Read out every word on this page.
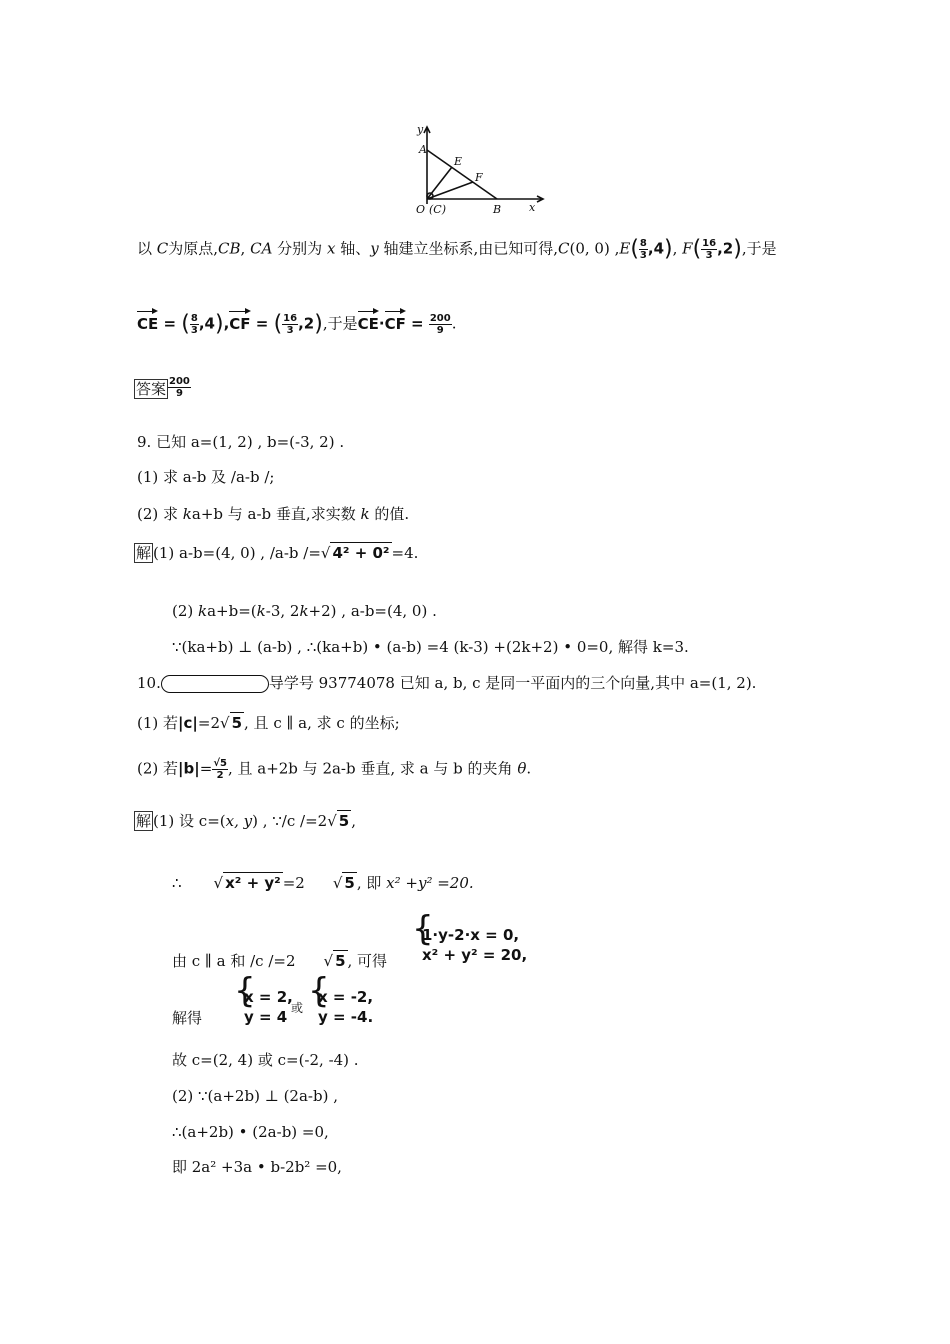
y
A
E
F
O (C)	B	x
以 C为原点,CB, CA 分别为 x 轴、y 轴建立坐标系,由已知可得,C(0, 0) $,E( \frac{8}{3} ,4)$, $F( \frac{16}{3} ,2)$,于是
CE = ( $\frac{8}{3} ,4),CF$ = ( $\frac{16}{3} ,2$),于是$CE\cdot CF = \frac{200}{9}$ .
答案 $\frac{200}{9}$
9. 已知 a=(1, 2) , b=(-3, 2) .
(1) 求 a-b 及 /a-b /;
(2) 求 ka+b 与 a-b 垂直,求实数 k 的值.
解 (1) a-b=(4, 0) , /a-b /=√ 4² + 0² =4.
(2) ka+b=(k-3, 2k+2) , a-b=(4, 0) .
∵(ka+b) ⊥ (a-b) , ∴(ka+b) • (a-b) =4 (k-3) +(2k+2) • 0=0, 解得 k=3.
10.	导学号 93774078 已知 a, b, c 是同一平面内的三个向量,其中 a=(1, 2).
(1) 若|c|=2√ 5 , 且 c ∥ a, 求 c 的坐标;
(2) 若$|b|= \frac{√5}{2}$ , 且 a+2b 与 2a-b 垂直, 求 a 与 b 的夹角 θ.
解 (1) 设 c=(x, y) , ∵/c /=2√ 5 ,
∴ √ x² + y² =2 √ 5 , 即 x² +y² =20.
由 c ∥ a 和 /c /=2 √ 5 , 可得
{
1·y-2·x = 0,
x² + y² = 20,
解得
{
x = 2,
y = 4 或 {
x = -2,
y = -4.
故 c=(2, 4) 或 c=(-2, -4) .
(2) ∵(a+2b) ⊥ (2a-b) ,
∴(a+2b) • (2a-b) =0,
即 2a² +3a • b-2b² =0,
